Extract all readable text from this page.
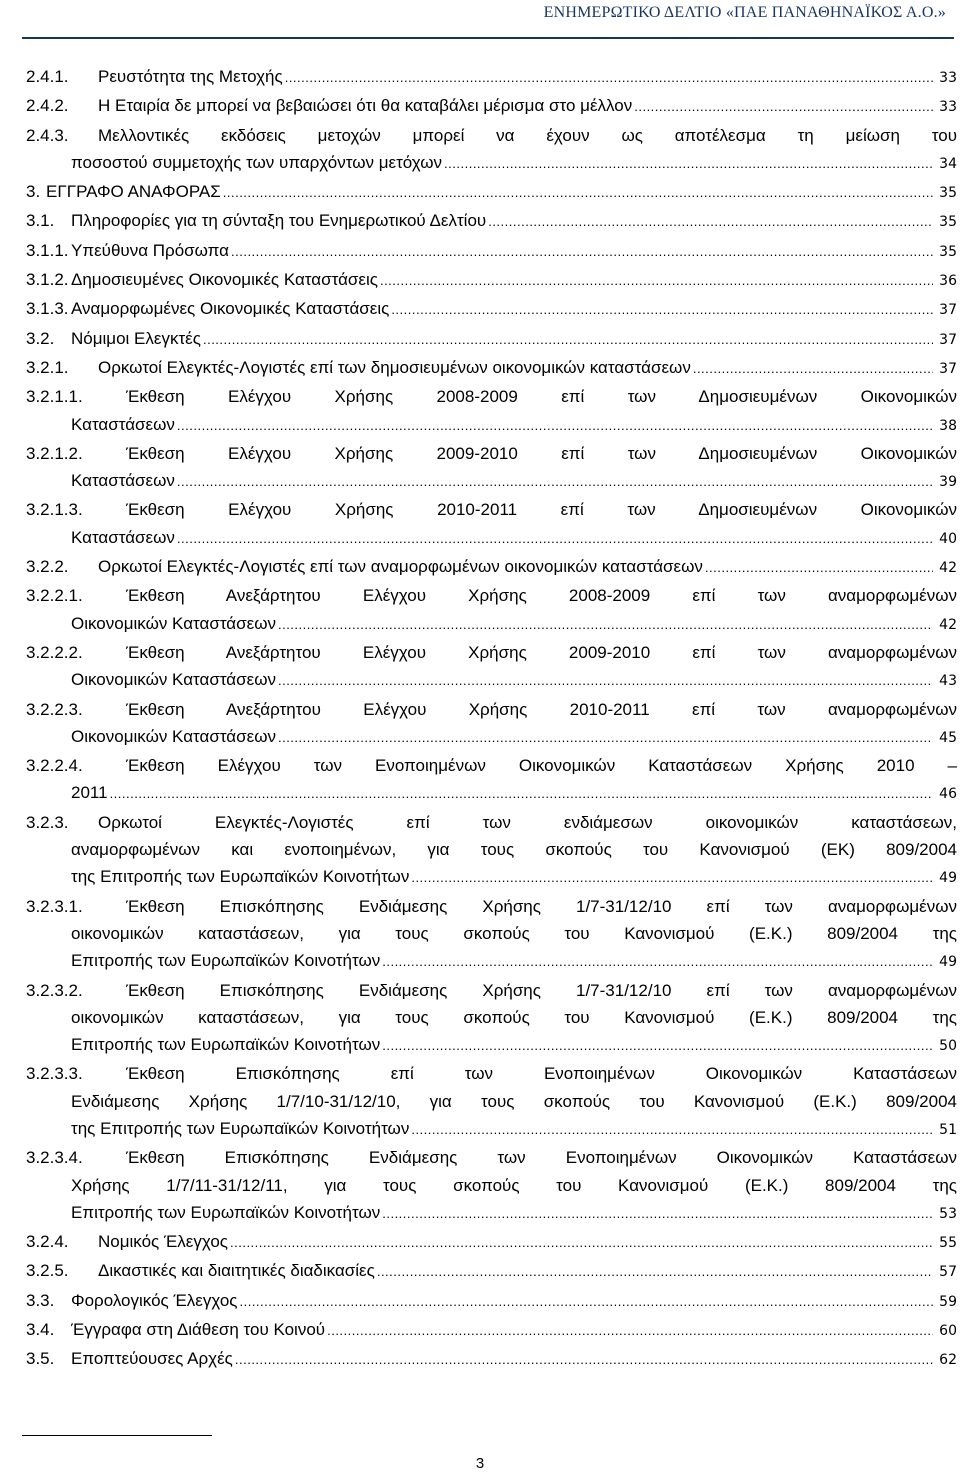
ΕΝΗΜΕΡΩΤΙΚΟ ΔΕΛΤΙΟ «ΠΑΕ ΠΑΝΑΘΗΝΑΪΚΟΣ Α.Ο.»
2.4.1.	Ρευστότητα της Μετοχής .....	33
2.4.2.	Η Εταιρία δε μπορεί να βεβαιώσει ότι θα καταβάλει μέρισμα στο μέλλον .....	33
2.4.3.	Μελλοντικές εκδόσεις μετοχών μπορεί να έχουν ως αποτέλεσμα τη μείωση του
ποσοστού συμμετοχής των υπαρχόντων μετόχων .....	34
3. ΕΓΓΡΑΦΟ ΑΝΑΦΟΡΑΣ .....	35
3.1. Πληροφορίες για τη σύνταξη του Ενημερωτικού Δελτίου .....	35
3.1.1. Υπεύθυνα Πρόσωπα .....	35
3.1.2. Δημοσιευμένες Οικονομικές Καταστάσεις .....	36
3.1.3. Αναμορφωμένες Οικονομικές Καταστάσεις .....	37
3.2. Νόμιμοι Ελεγκτές .....	37
3.2.1.	Ορκωτοί Ελεγκτές-Λογιστές επί των δημοσιευμένων οικονομικών καταστάσεων .....	37
3.2.1.1.	Έκθεση Ελέγχου Χρήσης 2008-2009 επί των Δημοσιευμένων Οικονομικών
Καταστάσεων .....	38
3.2.1.2.	Έκθεση Ελέγχου Χρήσης 2009-2010 επί των Δημοσιευμένων Οικονομικών
Καταστάσεων .....	39
3.2.1.3.	Έκθεση Ελέγχου Χρήσης 2010-2011 επί των Δημοσιευμένων Οικονομικών
Καταστάσεων .....	40
3.2.2.	Ορκωτοί Ελεγκτές-Λογιστές επί των αναμορφωμένων οικονομικών καταστάσεων .....	42
3.2.2.1.	Έκθεση Ανεξάρτητου Ελέγχου Χρήσης 2008-2009 επί των αναμορφωμένων
Οικονομικών Καταστάσεων .....	42
3.2.2.2.	Έκθεση Ανεξάρτητου Ελέγχου Χρήσης 2009-2010 επί των αναμορφωμένων
Οικονομικών Καταστάσεων .....	43
3.2.2.3.	Έκθεση Ανεξάρτητου Ελέγχου Χρήσης 2010-2011 επί των αναμορφωμένων
Οικονομικών Καταστάσεων .....	45
3.2.2.4.	Έκθεση Ελέγχου των Ενοποιημένων Οικονομικών Καταστάσεων Χρήσης 2010 –
2011 .....	46
3.2.3.	Ορκωτοί Ελεγκτές-Λογιστές επί των ενδιάμεσων οικονομικών καταστάσεων,
αναμορφωμένων και ενοποιημένων, για τους σκοπούς του Κανονισμού (ΕΚ) 809/2004
της Επιτροπής των Ευρωπαϊκών Κοινοτήτων .....	49
3.2.3.1.	Έκθεση Επισκόπησης Ενδιάμεσης Χρήσης 1/7-31/12/10 επί των αναμορφωμένων
οικονομικών καταστάσεων, για τους σκοπούς του Κανονισμού (Ε.Κ.) 809/2004 της
Επιτροπής των Ευρωπαϊκών Κοινοτήτων .....	49
3.2.3.2.	Έκθεση Επισκόπησης Ενδιάμεσης Χρήσης 1/7-31/12/10 επί των αναμορφωμένων
οικονομικών καταστάσεων, για τους σκοπούς του Κανονισμού (Ε.Κ.) 809/2004 της
Επιτροπής των Ευρωπαϊκών Κοινοτήτων .....	50
3.2.3.3.	Έκθεση Επισκόπησης επί των Ενοποιημένων Οικονομικών Καταστάσεων
Ενδιάμεσης Χρήσης 1/7/10-31/12/10, για τους σκοπούς του Κανονισμού (Ε.Κ.) 809/2004
της Επιτροπής των Ευρωπαϊκών Κοινοτήτων .....	51
3.2.3.4.	Έκθεση Επισκόπησης Ενδιάμεσης των Ενοποιημένων Οικονομικών Καταστάσεων
Χρήσης 1/7/11-31/12/11, για τους σκοπούς του Κανονισμού (Ε.Κ.) 809/2004 της
Επιτροπής των Ευρωπαϊκών Κοινοτήτων .....	53
3.2.4.	Νομικός Έλεγχος .....	55
3.2.5.	Δικαστικές και διαιτητικές διαδικασίες .....	57
3.3. Φορολογικός Έλεγχος .....	59
3.4. Έγγραφα στη Διάθεση του Κοινού .....	60
3.5. Εποπτεύουσες Αρχές .....	62
3
